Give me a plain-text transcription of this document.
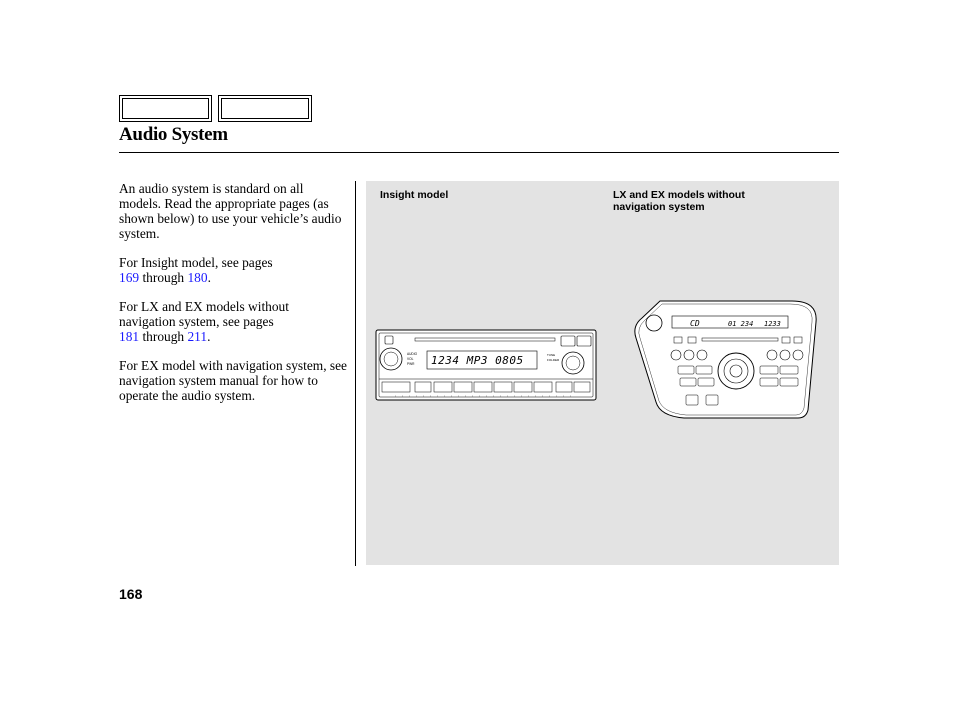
Audio System

An audio system is standard on all models. Read the appropriate pages (as shown below) to use your vehicle’s audio system.

For Insight model, see pages
169 through 180.

For LX and EX models without navigation system, see pages
181 through 211.

For EX model with navigation system, see navigation system manual for how to operate the audio system.

Insight model	LX and EX models without navigation system
AUDIO
VOL
PWR 1234 MP3 0805	TUNE
FOLDER
CD	01 234 1233
168
